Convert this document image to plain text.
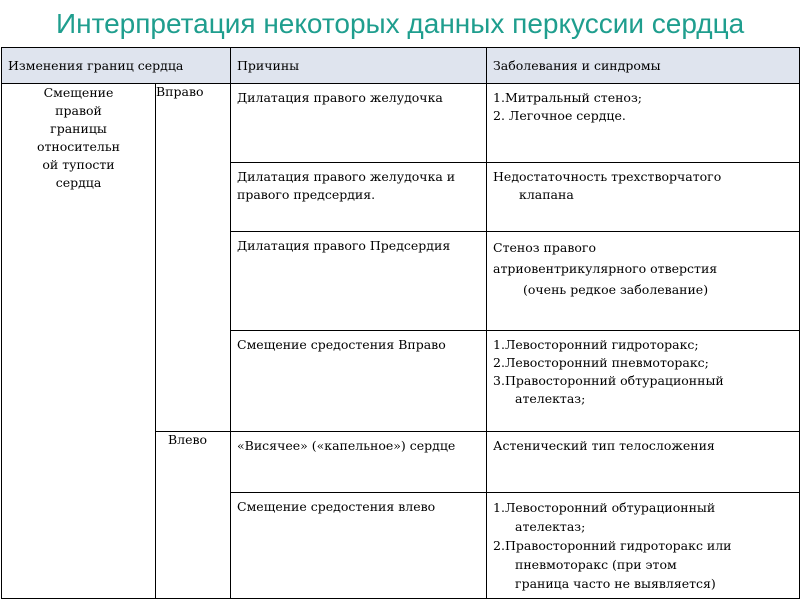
Интерпретация некоторых данных перкуссии сердца
Изменения границ сердца		Причины	Заболевания и синдромы

Смещение правой границы относительн ой тупости сердца	Вправо	Дилатация правого желудочка	1.Митральный стеноз;
2. Легочное сердце.

		Дилатация правого желудочка и правого предсердия.	Недостаточность трехстворчатого
клапана

		Дилатация правого Предсердия	Стеноз правого
атриовентрикулярного отверстия
(очень редкое заболевание)

		Смещение средостения Вправо	1.Левосторонний гидроторакс;
2.Левосторонний пневмоторакс;
3.Правосторонний обтурационный
ателектаз;

	Влево	«Висячее» («капельное») сердце	Астенический тип телосложения

		Смещение средостения влево	1.Левосторонний обтурационный
ателектаз;
2.Правосторонний гидроторакс или
пневмоторакс (при этом
граница часто не выявляется)
